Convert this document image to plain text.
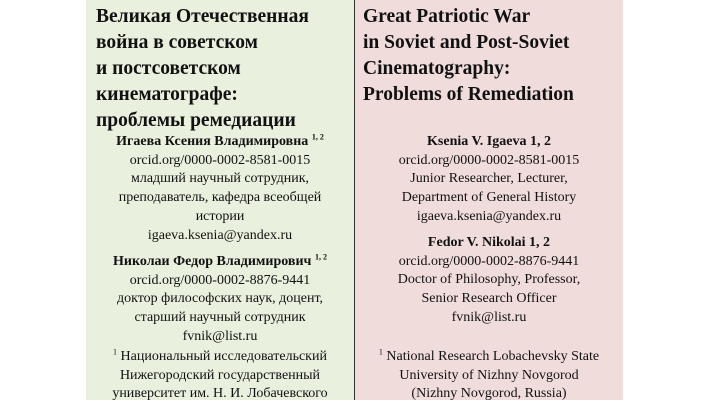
Великая Отечественная
война в советском
и постсоветском
кинематографе:
проблемы ремедиации
Игаева Ксения Владимировна $^{1, 2}$
orcid.org/0000-0002-8581-0015
младший научный сотрудник,
преподаватель, кафедра всеобщей
истории
igaeva.ksenia@yandex.ru
Николаи Федор Владимирович $^{1, 2}$
orcid.org/0000-0002-8876-9441
доктор философских наук, доцент,
старший научный сотрудник
fvnik@list.ru
$^1$ Национальный исследовательский
Нижегородский государственный
университет им. Н. И. Лобачевского
Great Patriotic War
in Soviet and Post-Soviet
Cinematography:
Problems of Remediation
Ksenia V. Igaeva 1, 2
orcid.org/0000-0002-8581-0015
Junior Researcher, Lecturer,
Department of General History
igaeva.ksenia@yandex.ru
Fedor V. Nikolai 1, 2
orcid.org/0000-0002-8876-9441
Doctor of Philosophy, Professor,
Senior Research Officer
fvnik@list.ru
$^1$ National Research Lobachevsky State
University of Nizhny Novgorod
(Nizhny Novgorod, Russia)
